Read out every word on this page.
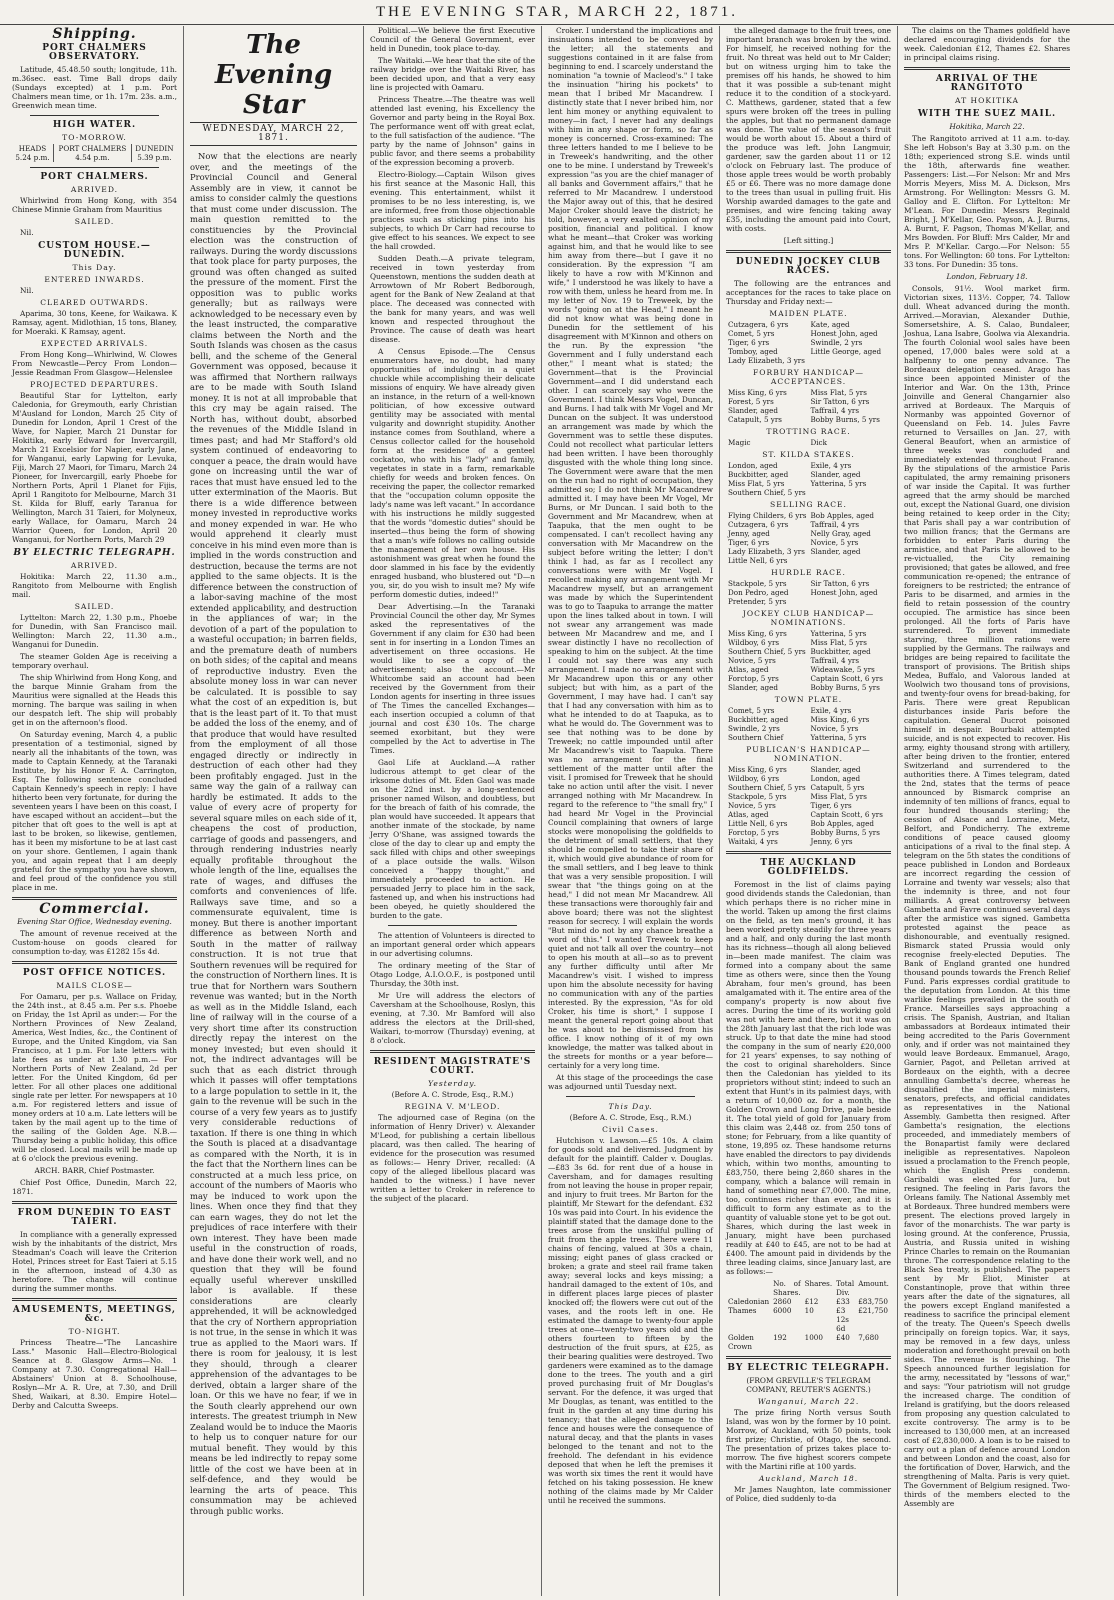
THE EVENING STAR, MARCH 22, 1871.
Shipping.
PORT CHALMERS OBSERVATORY.

Latitude, 45.48.50 south; longitude, 11h. m.36sec. east. Time Ball drops daily (Sundays excepted) at 1 p.m. Port Chalmers mean time, or 1h. 17m. 23s. a.m., Greenwich mean time.

HIGH WATER.
TO-MORROW.
HEADS	PORT CHALMERS	DUNEDIN
5.24 p.m.	4.54 p.m.	5.39 p.m.
PORT CHALMERS.
ARRIVED.

Whirlwind from Hong Kong, with 354 Chinese Minnie Graham from Mauritius

SAILED.

Nil.

CUSTOM HOUSE.—DUNEDIN.
This Day.
ENTERED INWARDS.

Nil.

CLEARED OUTWARDS.

Aparima, 30 tons, Keene, for Waikawa. K Ramsay, agent. Midlothian, 15 tons, Blaney, for Moeraki. K Ramsay, agent.

EXPECTED ARRIVALS.

From Hong Kong—Whirlwind, W. Clowes From Newcastle—Percy From London—Jessie Readman From Glasgow—Helenslee

PROJECTED DEPARTURES.

Beautiful Star for Lyttelton, early Caledonia, for Greymouth, early Christian M'Ausland for London, March 25 City of Dunedin for London, April 1 Crest of the Wave, for Napier, March 21 Dunstar for Hokitika, early Edward for Invercargill, March 21 Excelsior for Napier, early Jane, for Wanganui, early Lapwing for Levuka, Fiji, March 27 Maori, for Timaru, March 24 Pioneer, for Invercargill, early Phoebe for Northern Ports, April 1 Planet for Fijis, April 1 Rangitoto for Melbourne, March 31 St. Kilda for Bluff, early Taranua for Wellington, March 31 Taieri, for Molyneux, early Wallace, for Oamaru, March 24 Warrior Queen, for London, April 20 Wanganui, for Northern Ports, March 29

BY ELECTRIC TELEGRAPH.
ARRIVED.

Hokitika: March 22, 11.30 a.m., Rangitoto from Melbourne with English mail.

SAILED.

Lyttelton: March 22, 1.30 p.m., Phoebe for Dunedin, with San Francisco mail. Wellington: March 22, 11.30 a.m., Wanganui for Dunedin.

The steamer Golden Age is receiving a temporary overhaul.

The ship Whirlwind from Hong Kong, and the barque Minnie Graham from the Mauritius were signalled at the Heads this morning. The barque was sailing in when our despatch left. The ship will probably get in on the afternoon's flood.

On Saturday evening, March 4, a public presentation of a testimonial, signed by nearly all the inhabitants of the town, was made to Captain Kennedy, at the Taranaki Institute, by his Honor F. A. Carrington, Esq. The following sentence concluded Captain Kennedy's speech in reply: I have hitherto been very fortunate, for during the seventeen years I have been on this coast, I have escaped without an accident—but the pitcher that oft goes to the well is apt at last to be broken, so likewise, gentlemen, has it been my misfortune to be at last cast on your shore. Gentlemen, I again thank you, and again repeat that I am deeply grateful for the sympathy you have shown, and feel proud of the confidence you still place in me.

Commercial.

Evening Star Office, Wednesday evening.

The amount of revenue received at the Custom-house on goods cleared for consumption to-day, was £1282 15s 4d.

POST OFFICE NOTICES.
MAILS CLOSE—

For Oamaru, per p.s. Wallace on Friday, the 24th inst., at 8.45 a.m. Per s.s. Phoebe on Friday, the 1st April as under:— For the Northern Provinces of New Zealand, America, West Indies, &c., the Continent of Europe, and the United Kingdom, via San Francisco, at 1 p.m. For late letters with late fees as under at 1.30 p.m.— For Northern Ports of New Zealand, 2d per letter. For the United Kingdom, 6d per letter. For all other places one additional single rate per letter. For newspapers at 10 a.m. For registered letters and issue of money orders at 10 a.m. Late letters will be taken by the mail agent up to the time of the sailing of the Golden Age. N.B.—Thursday being a public holiday, this office will be closed. Local mails will be made up at 6 o'clock the previous evening.

ARCH. BARR, Chief Postmaster.

Chief Post Office, Dunedin, March 22, 1871.

FROM DUNEDIN TO EAST TAIERI.

In compliance with a generally expressed wish by the inhabitants of the district, Mrs Steadman's Coach will leave the Criterion Hotel, Princes street for East Taieri at 5.15 in the afternoon, instead of 4.30 as heretofore. The change will continue during the summer months.

AMUSEMENTS, MEETINGS, &c.
TO-NIGHT.

Princess Theatre—"The Lancashire Lass." Masonic Hall—Electro-Biological Seance at 8. Glasgow Arms—No. 1 Company at 7.30. Congregational Hall—Abstainers' Union at 8. Schoolhouse, Roslyn—Mr A. R. Ure, at 7.30, and Drill Shed, Waikari, at 8.30. Empire Hotel—Derby and Calcutta Sweeps.

The Evening Star
WEDNESDAY, MARCH 22, 1871.

Now that the elections are nearly over, and the meetings of the Provincial Council and General Assembly are in view, it cannot be amiss to consider calmly the questions that must come under discussion. The main question remitted to the constituencies by the Provincial election was the construction of railways. During the wordy discussions that took place for party purposes, the ground was often changed as suited the pressure of the moment. First the opposition was to public works generally; but as railways were acknowledged to be necessary even by the least instructed, the comparative claims between the North and the South Islands was chosen as the casus belli, and the scheme of the General Government was opposed, because it was affirmed that Northern railways are to be made with South Island money. It is not at all improbable that this cry may be again raised. The North has, without doubt, absorbed the revenues of the Middle Island in times past; and had Mr Stafford's old system continued of endeavoring to conquer a peace, the drain would have gone on increasing until the war of races that must have ensued led to the utter extermination of the Maoris. But there is a wide difference between money invested in reproductive works and money expended in war. He who would apprehend it clearly must conceive in his mind even more than is implied in the words construction and destruction, because the terms are not applied to the same objects. It is the difference between the construction of a labor-saving machine of the most extended applicability, and destruction in the appliances of war; in the devotion of a part of the population to a wasteful occupation; in barren fields, and the premature death of numbers on both sides; of the capital and means of reproductive industry. Even the absolute money loss in war can never be calculated. It is possible to say what the cost of an expedition is, but that is the least part of it. To that must be added the loss of the enemy, and of that produce that would have resulted from the employment of all those engaged directly or indirectly in destruction of each other had they been profitably engaged. Just in the same way the gain of a railway can hardly be estimated. It adds to the value of every acre of property for several square miles on each side of it, cheapens the cost of production, carriage of goods and passengers, and through rendering industries nearly equally profitable throughout the whole length of the line, equalises the rate of wages, and diffuses the comforts and conveniences of life. Railways save time, and so a commensurate equivalent, time is money. But there is another important difference as between North and South in the matter of railway construction. It is not true that Southern revenues will be required for the construction of Northern lines. It is true that for Northern wars Southern revenue was wanted; but in the North as well as in the Middle Island, each line of railway will in the course of a very short time after its construction directly repay the interest on the money invested; but even should it not, the indirect advantages will be such that as each district through which it passes will offer temptations to a large population to settle in it, the gain to the revenue will be such in the course of a very few years as to justify very considerable reductions of taxation. If there is one thing in which the South is placed at a disadvantage as compared with the North, it is in the fact that the Northern lines can be constructed at a much less price, on account of the numbers of Maoris who may be induced to work upon the lines. When once they find that they can earn wages, they do not let the prejudices of race interfere with their own interest. They have been made useful in the construction of roads, and have done their work well, and no question that they will be found equally useful wherever unskilled labor is available. If these considerations are clearly apprehended, it will be acknowledged that the cry of Northern appropriation is not true, in the sense in which it was true as applied to the Maori wars. If there is room for jealousy, it is lest they should, through a clearer apprehension of the advantages to be derived, obtain a larger share of the loan. Or this we have no fear, if we in the South clearly apprehend our own interests. The greatest triumph in New Zealand would be to induce the Maoris to help us to conquer nature for our mutual benefit. They would by this means be led indirectly to repay some little of the cost we have been at in self-defence, and they would be learning the arts of peace. This consummation may be achieved through public works.

Political.—We believe the first Executive Council of the General Government, ever held in Dunedin, took place to-day.

The Waitaki.—We hear that the site of the railway bridge over the Waitaki River, has been decided upon, and that a very easy line is projected with Oamaru.

Princess Theatre.—The theatre was well attended last evening, his Excellency the Governor and party being in the Royal Box. The performance went off with great eclat, to the full satisfaction of the audience. "The party by the name of Johnson" gains in public favor, and there seems a probability of the expression becoming a proverb.

Electro-Biology.—Captain Wilson gives his first seance at the Masonic Hall, this evening. This entertainment, whilst it promises to be no less interesting, is, we are informed, free from those objectionable practices such as sticking pins into his subjects, to which Dr Carr had recourse to give effect to his seances. We expect to see the hall crowded.

Sudden Death.—A private telegram, received in town yesterday from Queenstown, mentions the sudden death at Arrowtown of Mr Robert Bedborough, agent for the Bank of New Zealand at that place. The deceased was connected with the bank for many years, and was well known and respected throughout the Province. The cause of death was heart disease.

A Census Episode.—The Census enumerators have, no doubt, had many opportunities of indulging in a quiet chuckle while accomplishing their delicate missions of enquiry. We have already given an instance, in the return of a well-known politician, of how excessive outward gentility may be associated with mental vulgarity and downright stupidity. Another instance comes from Southland, where a Census collector called for the household form at the residence of a genteel cockatoo, who with his "lady" and family, vegetates in state in a farm, remarkable chiefly for weeds and broken fences. On receiving the paper, the collector remarked that the "occupation column opposite the lady's name was left vacant." In accordance with his instructions he mildly suggested that the words "domestic duties" should be inserted—thus being the form of showing that a man's wife follows no calling outside the management of her own house. His astonishment was great when he found the door slammed in his face by the evidently enraged husband, who blustered out "D—n you, sir, do you wish to insult me? My wife perform domestic duties, indeed!"

Dear Advertising.—In the Taranaki Provincial Council the other day, Mr Symes asked the representatives of the Government if any claim for £30 had been sent in for inserting in a London Times an advertisement on three occasions. He would like to see a copy of the advertisement; also the account.—Mr Whitcombe said an account had been received by the Government from their London agents for inserting in three issues of The Times the cancelled Exchanges—each insertion occupied a column of that journal and cost £30 10s. The charge seemed exorbitant, but they were compelled by the Act to advertise in The Times.

Gaol Life at Auckland.—A rather ludicrous attempt to get clear of the irksome duties of Mt. Eden Gaol was made on the 22nd inst. by a long-sentenced prisoner named Wilson, and doubtless, but for the breach of faith of his comrade, the plan would have succeeded. It appears that another inmate of the stockade, by name Jerry O'Shane, was assigned towards the close of the day to clear up and empty the sack filled with chips and other sweepings of a place outside the walls. Wilson conceived a "happy thought," and immediately proceeded to action. He persuaded Jerry to place him in the sack, fastened up, and when his instructions had been obeyed, he quietly shouldered the burden to the gate.

The attention of Volunteers is directed to an important general order which appears in our advertising columns.

The ordinary meeting of the Star of Otago Lodge, A.I.O.O.F., is postponed until Thursday, the 30th inst.

Mr Ure will address the electors of Caversham at the Schoolhouse, Roslyn, this evening, at 7.30. Mr Bamford will also address the electors at the Drill-shed, Waikari, to-morrow (Thursday) evening, at 8 o'clock.

RESIDENT MAGISTRATE'S COURT.
Yesterday.

(Before A. C. Strode, Esq., R.M.)

REGINA V. M'LEOD.

The adjourned case of Regina (on the information of Henry Driver) v. Alexander M'Leod, for publishing a certain libellous placard, was then called. The hearing of evidence for the prosecution was resumed as follows:— Henry Driver, recalled: (A copy of the alleged libellous placard was handed to the witness.) I have never written a letter to Croker in reference to the subject of the placard.

Croker. I understand the implications and insinuations intended to be conveyed by the letter; all the statements and suggestions contained in it are false from beginning to end. I scarcely understand the nomination "a townie of Macleod's." I take the insinuation "hiring his pockets" to mean that I bribed Mr Macandrew. I distinctly state that I never bribed him, nor lent him money or anything equivalent to money—in fact, I never had any dealings with him in any shape or form, so far as money is concerned. Cross-examined: The three letters handed to me I believe to be in Treweek's handwriting, and the other one to be mine. I understand by Treweek's expression "as you are the chief manager of all banks and Government affairs," that he referred to Mr Macandrew. I understood the Major away out of this, that he desired Major Croker should leave the district; he told, however, a very exalted opinion of my position, financial and political. I know what he meant—that Croker was working against him, and that he would like to see him away from there—but I gave it no consideration. By the expression "I am likely to have a row with M'Kinnon and wife," I understood he was likely to have a row with them, unless he heard from me. In my letter of Nov. 19 to Treweek, by the words "going on at the Head," I meant he did not know what was being done in Dunedin for the settlement of his disagreement with M'Kinnon and others on the run. By the expression "the Government and I fully understand each other," I meant what is stated; the Government—that is the Provincial Government—and I did understand each other. I can scarcely say who were the Government. I think Messrs Vogel, Duncan, and Burns. I had talk with Mr Vogel and Mr Duncan on the subject. It was understood an arrangement was made by which the Government was to settle these disputes. Could not recollect what particular letters had been written. I have been thoroughly disgusted with the whole thing long since. The Government were aware that the men on the run had no right of occupation, they admitted so; I do not think Mr Macandrew admitted it. I may have been Mr Vogel, Mr Burns, or Mr Duncan. I said both to the Government and Mr Macandrew, when at Taapuka, that the men ought to be compensated. I can't recollect having any conversation with Mr Macandrew on the subject before writing the letter; I don't think I had, as far as I recollect any conversations were with Mr Vogel. I recollect making any arrangement with Mr Macandrew myself, but an arrangement was made by which the Superintendent was to go to Taapuka to arrange the matter upon the lines talked about in town. I will not swear any arrangement was made between Mr Macandrew and me, and I swear distinctly I have no recollection of speaking to him on the subject. At the time I could not say there was any such arrangement. I made no arrangement with Mr Macandrew upon this or any other subject; but with him, as a part of the Government, I may have had. I can't say that I had any conversation with him as to what he intended to do at Taapuka, as to what he would do. The Government was to see that nothing was to be done by Treweek; no cattle impounded until after Mr Macandrew's visit to Taapuka. There was no arrangement for the final settlement of the matter until after the visit. I promised for Treweek that he should take no action until after the visit. I never arranged nothing with Mr Macandrew. In regard to the reference to "the small fry," I had heard Mr Vogel in the Provincial Council complaining that owners of large stocks were monopolising the goldfields to the detriment of small settlers, that they should be compelled to take their share of it, which would give abundance of room for the small settlers, and I beg leave to think that was a very sensible proposition. I will swear that "the things going on at the head," I did not mean Mr Macandrew. All these transactions were thoroughly fair and above board; there was not the slightest reason for secrecy. I will explain the words "But mind do not by any chance breathe a word of this." I wanted Treweek to keep quiet and not talk all over the country—not to open his mouth at all—so as to prevent any further difficulty until after Mr Macandrew's visit. I wished to impress upon him the absolute necessity for having no communication with any of the parties interested. By the expression, "As for old Croker, his time is short," I suppose I meant the general report going about that he was about to be dismissed from his office. I know nothing of it of my own knowledge, the matter was talked about in the streets for months or a year before—certainly for a very long time.

At this stage of the proceedings the case was adjourned until Tuesday next.

This Day.

(Before A. C. Strode, Esq., R.M.)

Civil Cases.

Hutchison v. Lawson.—£5 10s. A claim for goods sold and delivered. Judgment by default for the plaintiff. Calder v. Douglas.—£83 3s 6d. for rent due of a house in Caversham, and for damages resulting from not leaving the house in proper repair, and injury to fruit trees. Mr Barton for the plaintiff, Mr Stewart for the defendant. £32 10s was paid into Court. In his evidence the plaintiff stated that the damage done to the trees arose from the unskilful pulling of fruit from the apple trees. There were 11 chains of fencing, valued at 30s a chain, missing; eight panes of glass cracked or broken; a grate and steel rail frame taken away; several locks and keys missing; a handrail damaged to the extent of 10s, and in different places large pieces of plaster knocked off; the flowers were cut out of the vases, and the roots left in one. He estimated the damage to twenty-four apple trees at one—twenty-two years old and the others fourteen to fifteen by the destruction of the fruit spurs, at £25, as their bearing qualities were destroyed. Two gardeners were examined as to the damage done to the trees. The youth and a girl proved purchasing fruit of Mr Douglas's servant. For the defence, it was urged that Mr Douglas, as tenant, was entitled to the fruit in the garden at any time during his tenancy; that the alleged damage to the fence and houses were the consequence of natural decay, and that the plants in vases belonged to the tenant and not to the freehold. The defendant in his evidence deposed that when he left the premises it was worth six times the rent it would have fetched on his taking possession. He knew nothing of the claims made by Mr Calder until he received the summons.

the alleged damage to the fruit trees, one important branch was broken by the wind. For himself, he received nothing for the fruit. No threat was held out to Mr Calder; but on witness urging him to take the premises off his hands, he showed to him that it was possible a sub-tenant might reduce it to the condition of a stock-yard. C. Matthews, gardener, stated that a few spurs were broken off the trees in pulling the apples, but that no permanent damage was done. The value of the season's fruit would be worth about 15. About a third of the produce was left. John Langmuir, gardener, saw the garden about 11 or 12 o'clock on February last. The produce of those apple trees would be worth probably £5 or £6. There was no more damage done to the trees than usual in pulling fruit. His Worship awarded damages to the gate and premises, and wire fencing taking away £35, including the amount paid into Court, with costs.

[Left sitting.]

DUNEDIN JOCKEY CLUB RACES.

The following are the entrances and acceptances for the races to take place on Thursday and Friday next:—

MAIDEN PLATE.
Cutzagera, 6 yrs	Kate, aged
Comet, 5 yrs	Honest John, aged
Tiger, 6 yrs	Swindle, 2 yrs
Tomboy, aged	Little George, aged
Lady Elizabeth, 3 yrs	
FORBURY HANDICAP—ACCEPTANCES.
Miss King, 6 yrs	Miss Flat, 5 yrs
Forest, 5 yrs	Sir Tatton, 6 yrs
Slander, aged	Taffrail, 4 yrs
Catapult, 5 yrs	Bobby Burns, 5 yrs
TROTTING RACE.
Magic	Dick
ST. KILDA STAKES.
London, aged	Exile, 4 yrs
Buckbitter, aged	Slander, aged
Miss Flat, 5 yrs	Yatterina, 5 yrs
Southern Chief, 5 yrs	
SELLING RACE.
Flying Childers, 6 yrs	Bob Apples, aged
Cutzagera, 6 yrs	Taffrail, 4 yrs
Jenny, aged	Nelly Gray, aged
Tiger, 6 yrs	Novice, 5 yrs
Lady Elizabeth, 3 yrs	Slander, aged
Little Nell, 6 yrs	
HURDLE RACE.
Stackpole, 5 yrs	Sir Tatton, 6 yrs
Don Pedro, aged	Honest John, aged
Pretender, 5 yrs	
JOCKEY CLUB HANDICAP—NOMINATIONS.
Miss King, 6 yrs	Yatterina, 5 yrs
Wildboy, 6 yrs	Miss Flat, 5 yrs
Southern Chief, 5 yrs	Buckbitter, aged
Novice, 5 yrs	Taffrail, 4 yrs
Atlas, aged	Wideawake, 5 yrs
Forctop, 5 yrs	Captain Scott, 6 yrs
Slander, aged	Bobby Burns, 5 yrs
TOWN PLATE.
Comet, 5 yrs	Exile, 4 yrs
Buckbitter, aged	Miss King, 6 yrs
Swindle, 2 yrs	Novice, 5 yrs
Southern Chief	Yatterina, 5 yrs
PUBLICAN'S HANDICAP—NOMINATION.
Miss King, 6 yrs	Slander, aged
Wildboy, 6 yrs	London, aged
Southern Chief, 5 yrs	Catapult, 5 yrs
Stackpole, 5 yrs	Miss Flat, 5 yrs
Novice, 5 yrs	Tiger, 6 yrs
Atlas, aged	Captain Scott, 6 yrs
Little Nell, 6 yrs	Bob Apples, aged
Forctop, 5 yrs	Bobby Burns, 5 yrs
Waitaki, 4 yrs	Jenny, 6 yrs
THE AUCKLAND GOLDFIELDS.

Foremost in the list of claims paying good dividends stands the Caledonian, than which perhaps there is no richer mine in the world. Taken up among the first claims on the field, as ten men's ground, it has been worked pretty steadily for three years and a half, and only during the last month has its richness—though all along believed in—been made manifest. The claim was formed into a company about the same time as others were, since then the Young Abraham, four men's ground, has been amalgamated with it. The entire area of the company's property is now about five acres. During the time of its working gold was not with here and there, but it was on the 28th January last that the rich lode was struck. Up to that date the mine had stood the company in the sum of nearly £20,000 for 21 years' expenses, to say nothing of the cost to original shareholders. Since then the Caledonian has yielded to its proprietors without stint; indeed to such an extent that Hunt's in its palmiest days, with a return of 10,000 oz. for a month, the Golden Crown and Long Drive, pale beside it. The total yield of gold for January from this claim was 2,448 oz. from 250 tons of stone; for February, from a like quantity of stone, 19,895 oz. These handsome returns have enabled the directors to pay dividends which, within two months, amounting to £83,750, there being 2,860 shares in the company, which a balance will remain in hand of something near £7,000. The mine, too, continues richer than ever, and it is difficult to form any estimate as to the quantity of valuable stone yet to be got out. Shares, which during the last week in January, might have been purchased readily at £40 to £45, are not to be had at £400. The amount paid in dividends by the three leading claims, since January last, are as follows:—

	No. of Shares.	Shares.	Total Div.	Amount.
Caledonian	2860	£12	£33	£83,750
Thames	6000	10	£3 12s 6d	£21,750
Golden Crown	192	1000	£40	7,680
BY ELECTRIC TELEGRAPH.

(FROM GREVILLE'S TELEGRAM COMPANY, REUTER'S AGENTS.)

Wanganui, March 22.

The prize firing North versus South Island, was won by the former by 10 point. Morrow, of Auckland, with 50 points, took first prize; Christie, of Otago, the second. The presentation of prizes takes place to-morrow. The five highest scorers compete with the Martini rifle at 100 yards.

Auckland, March 18.

Mr James Naughton, late commissioner of Police, died suddenly to-da

The claims on the Thames goldfield have declared encouraging dividends for the week. Caledonian £12, Thames £2. Shares in principal claims rising.

ARRIVAL OF THE RANGITOTO
AT HOKITIKA
WITH THE SUEZ MAIL.

Hokitika, March 22.

The Rangitoto arrived at 11 a.m. to-day. She left Hobson's Bay at 3.30 p.m. on the 18th; experienced strong S.E. winds until the 18th, afterwards fine weather. Passengers: List.—For Nelson: Mr and Mrs Morris Meyers, Miss M. A. Dickson, Mrs Armstrong. For Wellington: Messrs G. M. Galloy and E. Clifton. For Lyttelton: Mr M'Lean. For Dunedin: Messrs Reginald Bright, J. M'Kellar, Geo. Payson, A. J. Burns, A. Burnt, F. Pagson, Thomas M'Kellar, and Mrs Bowden. For Bluff: Mrs Calder, Mr and Mrs P. M'Kellar. Cargo.—For Nelson: 55 tons. For Wellington: 60 tons. For Lyttelton: 33 tons. For Dunedin: 35 tons.

London, February 18.

Consols, 91½. Wool market firm. Victorian sixes, 113½. Copper, 74. Tallow dull. Wheat advanced during the month. Arrived.—Moravian, Alexander Duthie, Somersetshire, A. S. Calao, Bundaleer, Joshua, Lana Isabre, Goolwa via Alexandria. The fourth Colonial wool sales have been opened, 17,000 bales were sold at a halfpenny to one penny advance. The Bordeaux delegation ceased. Arago has since been appointed Minister of the Interior and War. On the 13th, Prince Joinville and General Changarnier also arrived at Bordeaux. The Marquis of Normanby was appointed Governor of Queensland on Feb. 14. Jules Favre returned to Versailles on Jan. 27, with General Beaufort, when an armistice of three weeks was concluded and immediately extended throughout France. By the stipulations of the armistice Paris capitulated, the army remaining prisoners of war inside the Capital. It was further agreed that the army should be marched out, except the National Guard, one division being retained to keep order in the City; that Paris shall pay a war contribution of two million francs; that the Germans are forbidden to enter Paris during the armistice, and that Paris be allowed to be re-victualled, the City remaining provisioned; that gates be allowed, and free communication re-opened; the entrance of foreigners to be restricted; the entrance of Paris to be disarmed, and armies in the field to retain possession of the country occupied. The armistice has since been prolonged. All the forts of Paris have surrendered. To prevent immediate starving, three million rations were supplied by the Germans. The railways and bridges are being repaired to facilitate the transport of provisions. The British ships Medea, Buffalo, and Valorous landed at Woolwich two thousand tons of provisions, and twenty-four ovens for bread-baking, for Paris. There were great Republican disturbances inside Paris before the capitulation. General Ducrot poisoned himself in despair. Bourbaki attempted suicide, and is not expected to recover. His army, eighty thousand strong with artillery, after being driven to the frontier, entered Switzerland and surrendered to the authorities there. A Times telegram, dated the 2nd, states that the terms of peace announced by Bismarck comprise an indemnity of ten millions of francs, equal to four hundred thousands sterling; the cession of Alsace and Lorraine, Metz, Belfort, and Pondicherry. The extreme conditions of peace caused gloomy anticipations of a rival to the final step. A telegram on the 5th states the conditions of peace published in London and Bordeaux are incorrect regarding the cession of Lorraine and twenty war vessels; also that the indemnity is three, and not four milliards. A great controversy between Gambetta and Favre continued several days after the armistice was signed. Gambetta protested against the peace as dishonourable, and eventually resigned. Bismarck stated Prussia would only recognise freely-elected Deputies. The Bank of England granted one hundred thousand pounds towards the French Relief Fund. Paris expresses cordial gratitude to the deputation from London. At this time warlike feelings prevailed in the south of France. Marseilles says approaching a crisis. The Spanish, Austrian, and Italian ambassadors at Bordeaux intimated their being accredited to the Paris Government only, and if order was not maintained they would leave Bordeaux. Emmanuel, Arago, Garnier, Pagot, and Pelletan arrived at Bordeaux on the eighth, with a decree annulling Gambetta's decree, whereas he disqualified the imperial ministers, senators, prefects, and official candidates as representatives in the National Assembly. Gambetta then resigned. After Gambetta's resignation, the elections proceeded, and immediately members of the Bonapartist family were declared ineligible as representatives. Napoleon issued a proclamation to the French people, which the English Press condemn. Garibaldi was elected for Jura, but resigned. The feeling in Paris favors the Orleans family. The National Assembly met at Bordeaux. Three hundred members were present. The elections proved largely in favor of the monarchists. The war party is losing ground. At the conference, Prussia, Austria, and Russia united in wishing Prince Charles to remain on the Roumanian throne. The correspondence relating to the Black Sea treaty, is published. The papers sent by Mr Eliot, Minister at Constantinople, prove that within three years after the date of the signatures, all the powers except England manifested a readiness to sacrifice the principal element of the treaty. The Queen's Speech dwells principally on foreign topics. War, it says, may be removed in a few days, unless moderation and forethought prevail on both sides. The revenue is flourishing. The Speech announced further legislation for the army, necessitated by "lessons of war," and says: "Your patriotism will not grudge the increased charge. The condition of Ireland is gratifying, but the doors released from proposing any question calculated to excite controversy. The army is to be increased to 130,000 men, at an increased cost of £2,830,000. A loan is to be raised to carry out a plan of defence around London and between London and the coast, also for the fortification of Dover, Harwich, and the strengthening of Malta. Paris is very quiet. The Government of Belgium resigned. Two-thirds of the members elected to the Assembly are
